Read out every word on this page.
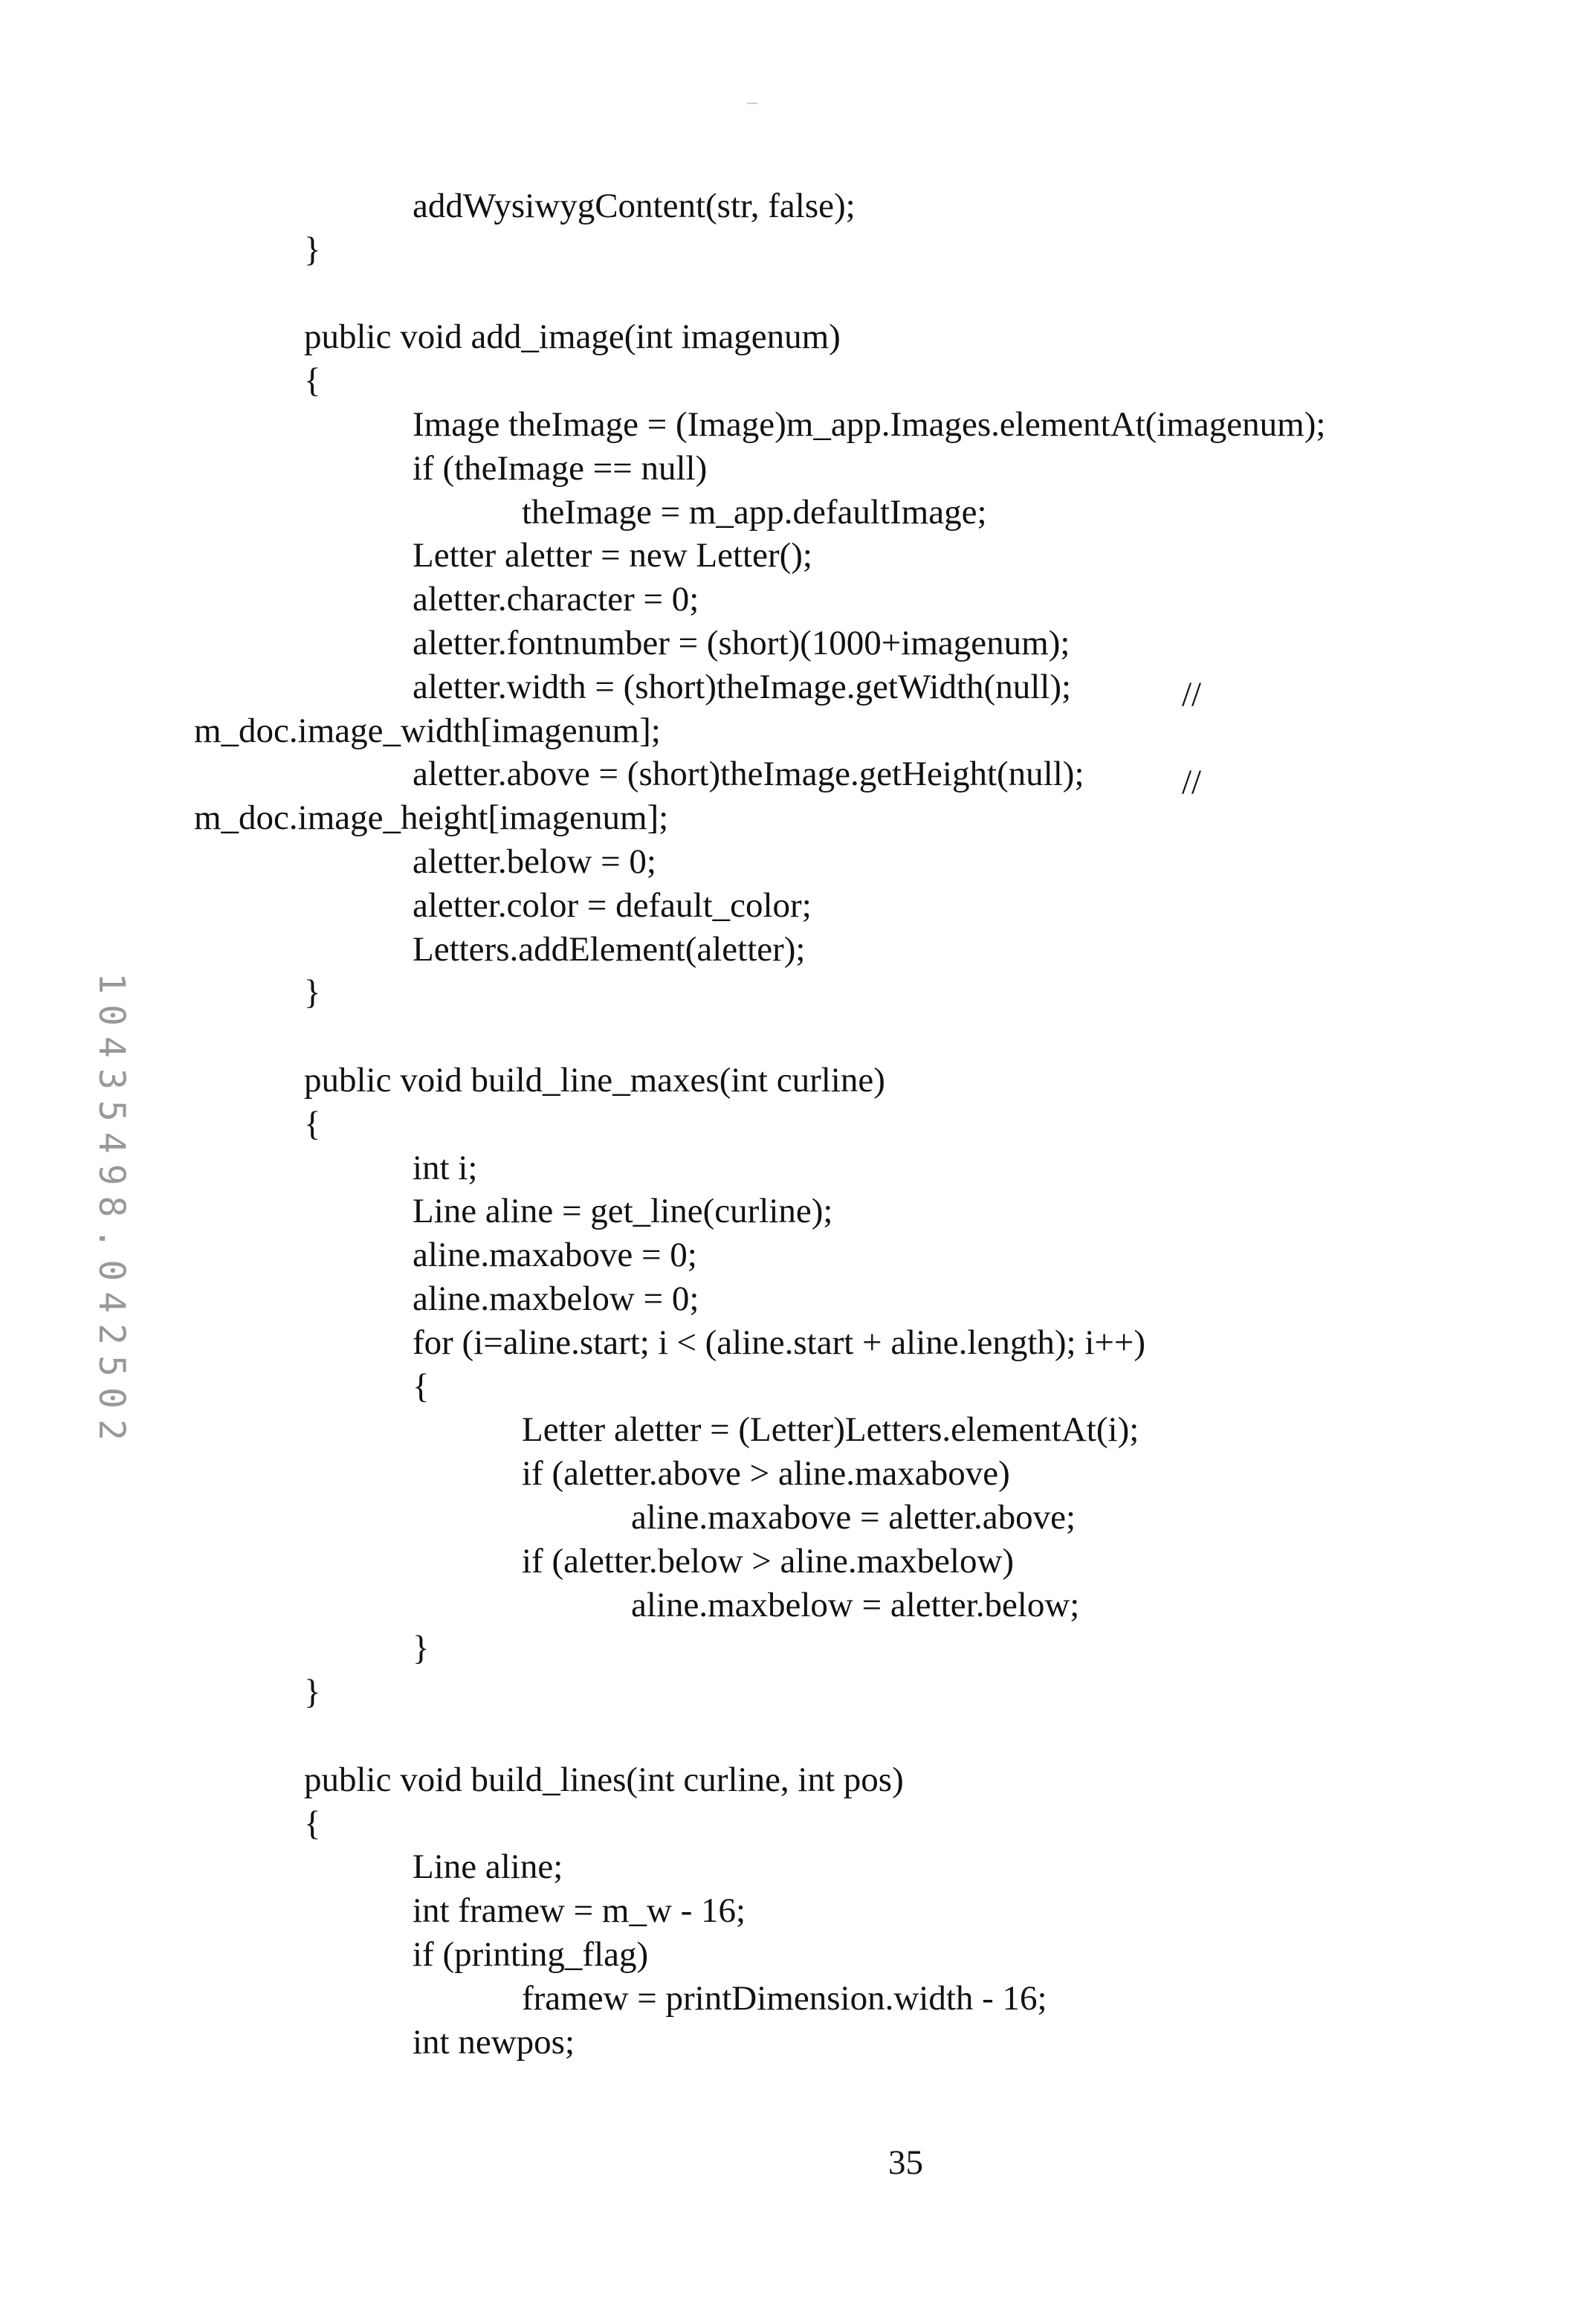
10435498.042502
addWysiwygContent(str, false);
}
public void add_image(int imagenum)
{
Image theImage = (Image)m_app.Images.elementAt(imagenum);
if (theImage == null)
theImage = m_app.defaultImage;
Letter aletter = new Letter();
aletter.character = 0;
aletter.fontnumber = (short)(1000+imagenum);
aletter.width = (short)theImage.getWidth(null);
m_doc.image_width[imagenum];
aletter.above = (short)theImage.getHeight(null);
m_doc.image_height[imagenum];
aletter.below = 0;
aletter.color = default_color;
Letters.addElement(aletter);
}
public void build_line_maxes(int curline)
{
int i;
Line aline = get_line(curline);
aline.maxabove = 0;
aline.maxbelow = 0;
for (i=aline.start; i < (aline.start + aline.length); i++)
{
Letter aletter = (Letter)Letters.elementAt(i);
if (aletter.above > aline.maxabove)
aline.maxabove = aletter.above;
if (aletter.below > aline.maxbelow)
aline.maxbelow = aletter.below;
}
}
public void build_lines(int curline, int pos)
{
Line aline;
int framew = m_w - 16;
if (printing_flag)
framew = printDimension.width - 16;
int newpos;
//
//
35
